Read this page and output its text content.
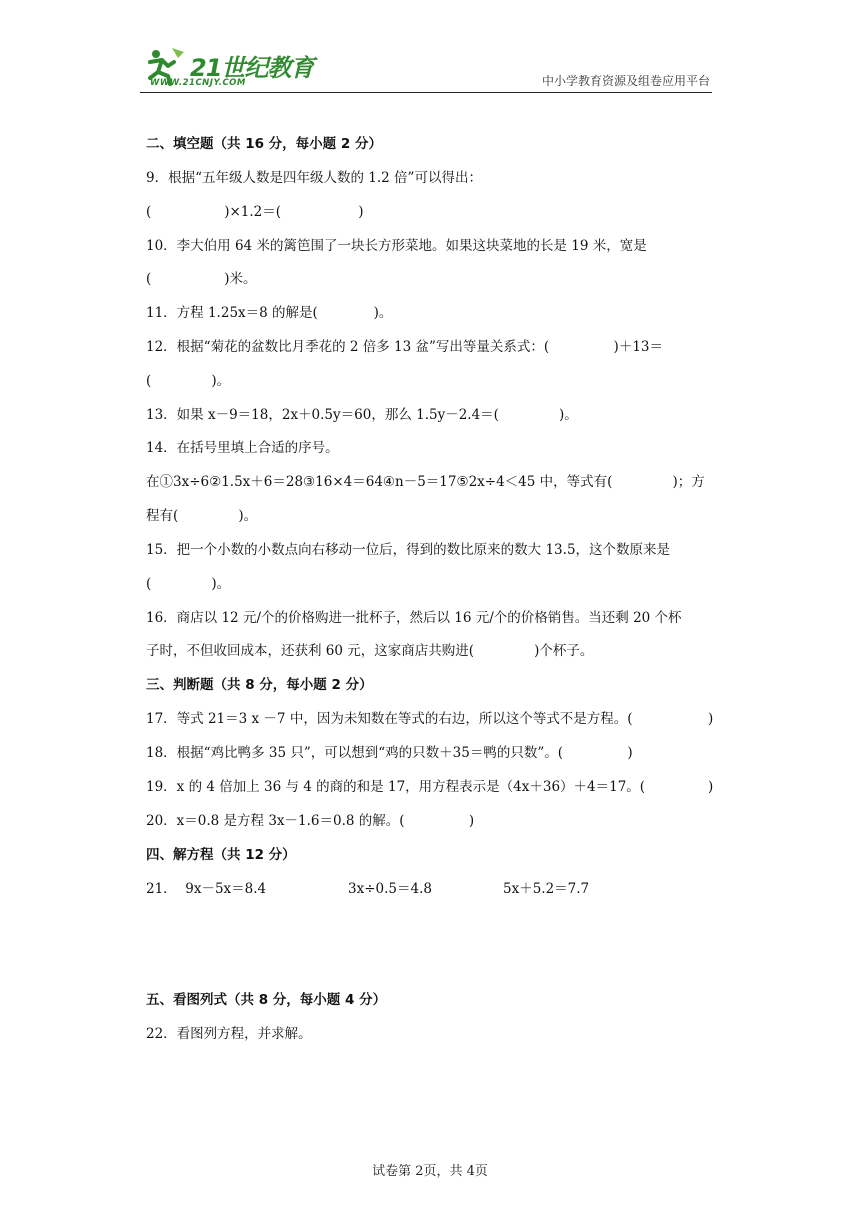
21世纪教育
WWW.21CNJY.COM	中小学教育资源及组卷应用平台
二、填空题（共 16 分，每小题 2 分）
9．根据“五年级人数是四年级人数的 1.2 倍”可以得出：
(                 )×1.2＝(                  )
10．李大伯用 64 米的篱笆围了一块长方形菜地。如果这块菜地的长是 19 米，宽是
(                 )米。
11．方程 1.25x＝8 的解是(             )。
12．根据“菊花的盆数比月季花的 2 倍多 13 盆”写出等量关系式：(               )＋13＝
(              )。
13．如果 x－9＝18，2x＋0.5y＝60，那么 1.5y－2.4＝(              )。
14．在括号里填上合适的序号。
在①3x÷6②1.5x＋6＝28③16×4＝64④n－5＝17⑤2x÷4＜45 中，等式有(              )；方
程有(              )。
15．把一个小数的小数点向右移动一位后，得到的数比原来的数大 13.5，这个数原来是
(              )。
16．商店以 12 元/个的价格购进一批杯子，然后以 16 元/个的价格销售。当还剩 20 个杯
子时，不但收回成本，还获利 60 元，这家商店共购进(              )个杯子。
三、判断题（共 8 分，每小题 2 分）
17．等式 21＝3 x －7 中，因为未知数在等式的右边，所以这个等式不是方程。(	)
18．根据“鸡比鸭多 35 只”，可以想到“鸡的只数＋35＝鸭的只数”。(               )
19．x 的 4 倍加上 36 与 4 的商的和是 17，用方程表示是（4x＋36）＋4＝17。(	)
20．x＝0.8 是方程 3x－1.6＝0.8 的解。(               )
四、解方程（共 12 分）
21．  9x－5x＝8.4	3x÷0.5＝4.8	5x＋5.2＝7.7
五、看图列式（共 8 分，每小题 4 分）
22．看图列方程，并求解。
试卷第 2页，共 4页
